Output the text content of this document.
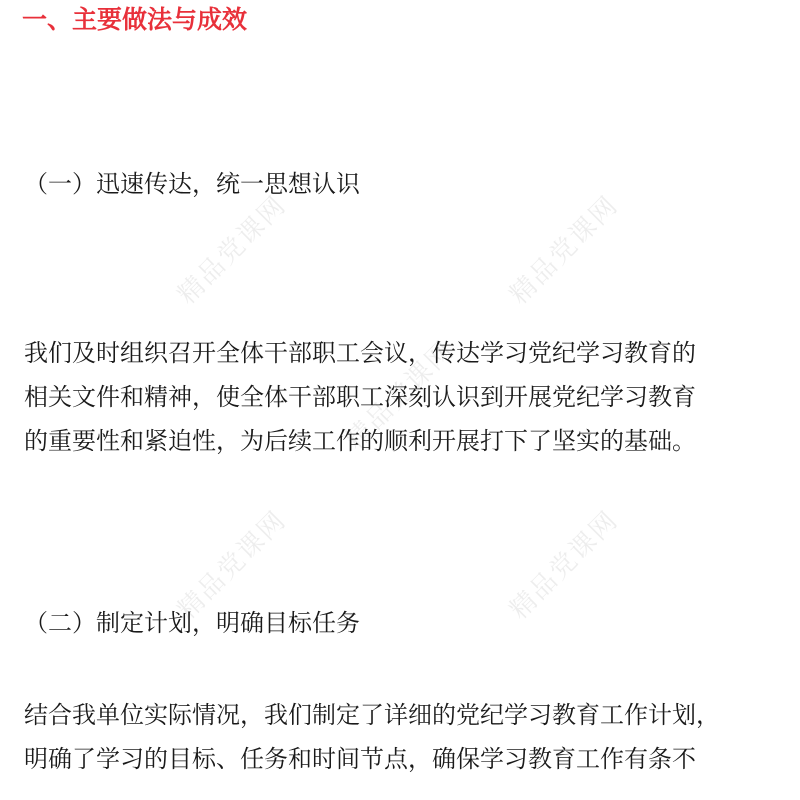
精品党课网	精品党课网
精品党课网
精品党课网	精品党课网
一、主要做法与成效
（一）迅速传达，统一思想认识
我们及时组织召开全体干部职工会议，传达学习党纪学习教育的
相关文件和精神，使全体干部职工深刻认识到开展党纪学习教育
的重要性和紧迫性，为后续工作的顺利开展打下了坚实的基础。
（二）制定计划，明确目标任务
结合我单位实际情况，我们制定了详细的党纪学习教育工作计划，
明确了学习的目标、任务和时间节点，确保学习教育工作有条不
